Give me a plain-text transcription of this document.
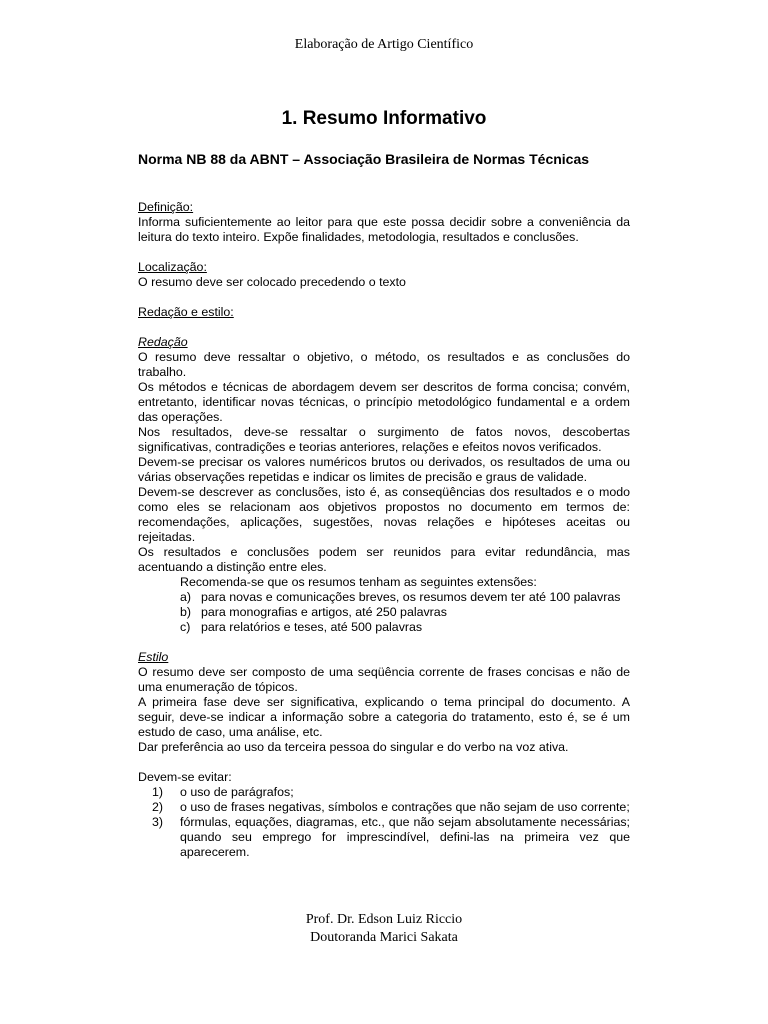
Elaboração de Artigo Científico
1. Resumo Informativo
Norma NB 88 da ABNT – Associação Brasileira de Normas Técnicas

Definição:

Informa suficientemente ao leitor para que este possa decidir sobre a conveniência da leitura do texto inteiro. Expõe finalidades, metodologia, resultados e conclusões.

Localização:

O resumo deve ser colocado precedendo o texto

Redação e estilo:

Redação

O resumo deve ressaltar o objetivo, o método, os resultados e as conclusões do trabalho.

Os métodos e técnicas de abordagem devem ser descritos de forma concisa; convém, entretanto, identificar novas técnicas, o princípio metodológico fundamental e a ordem das operações.

Nos resultados, deve-se ressaltar o surgimento de fatos novos, descobertas significativas, contradições e teorias anteriores, relações e efeitos novos verificados.

Devem-se precisar os valores numéricos brutos ou derivados, os resultados de uma ou várias observações repetidas e indicar os limites de precisão e graus de validade.

Devem-se descrever as conclusões, isto é, as conseqüências dos resultados e o modo como eles se relacionam aos objetivos propostos no documento em termos de: recomendações, aplicações, sugestões, novas relações e hipóteses aceitas ou rejeitadas.

Os resultados e conclusões podem ser reunidos para evitar redundância, mas acentuando a distinção entre eles.

Recomenda-se que os resumos tenham as seguintes extensões:

a) para novas e comunicações breves, os resumos devem ter até 100 palavras
b) para monografias e artigos, até 250 palavras
c) para relatórios e teses, até 500 palavras

Estilo

O resumo deve ser composto de uma seqüência corrente de frases concisas e não de uma enumeração de tópicos.

A primeira fase deve ser significativa, explicando o tema principal do documento. A seguir, deve-se indicar a informação sobre a categoria do tratamento, esto é, se é um estudo de caso, uma análise, etc.

Dar preferência ao uso da terceira pessoa do singular e do verbo na voz ativa.

Devem-se evitar:

1)	o uso de parágrafos;
2)	o uso de frases negativas, símbolos e contrações que não sejam de uso corrente;
3)	fórmulas, equações, diagramas, etc., que não sejam absolutamente necessárias; quando seu emprego for imprescindível, defini-las na primeira vez que aparecerem.
Prof. Dr. Edson Luiz Riccio
Doutoranda Marici Sakata
